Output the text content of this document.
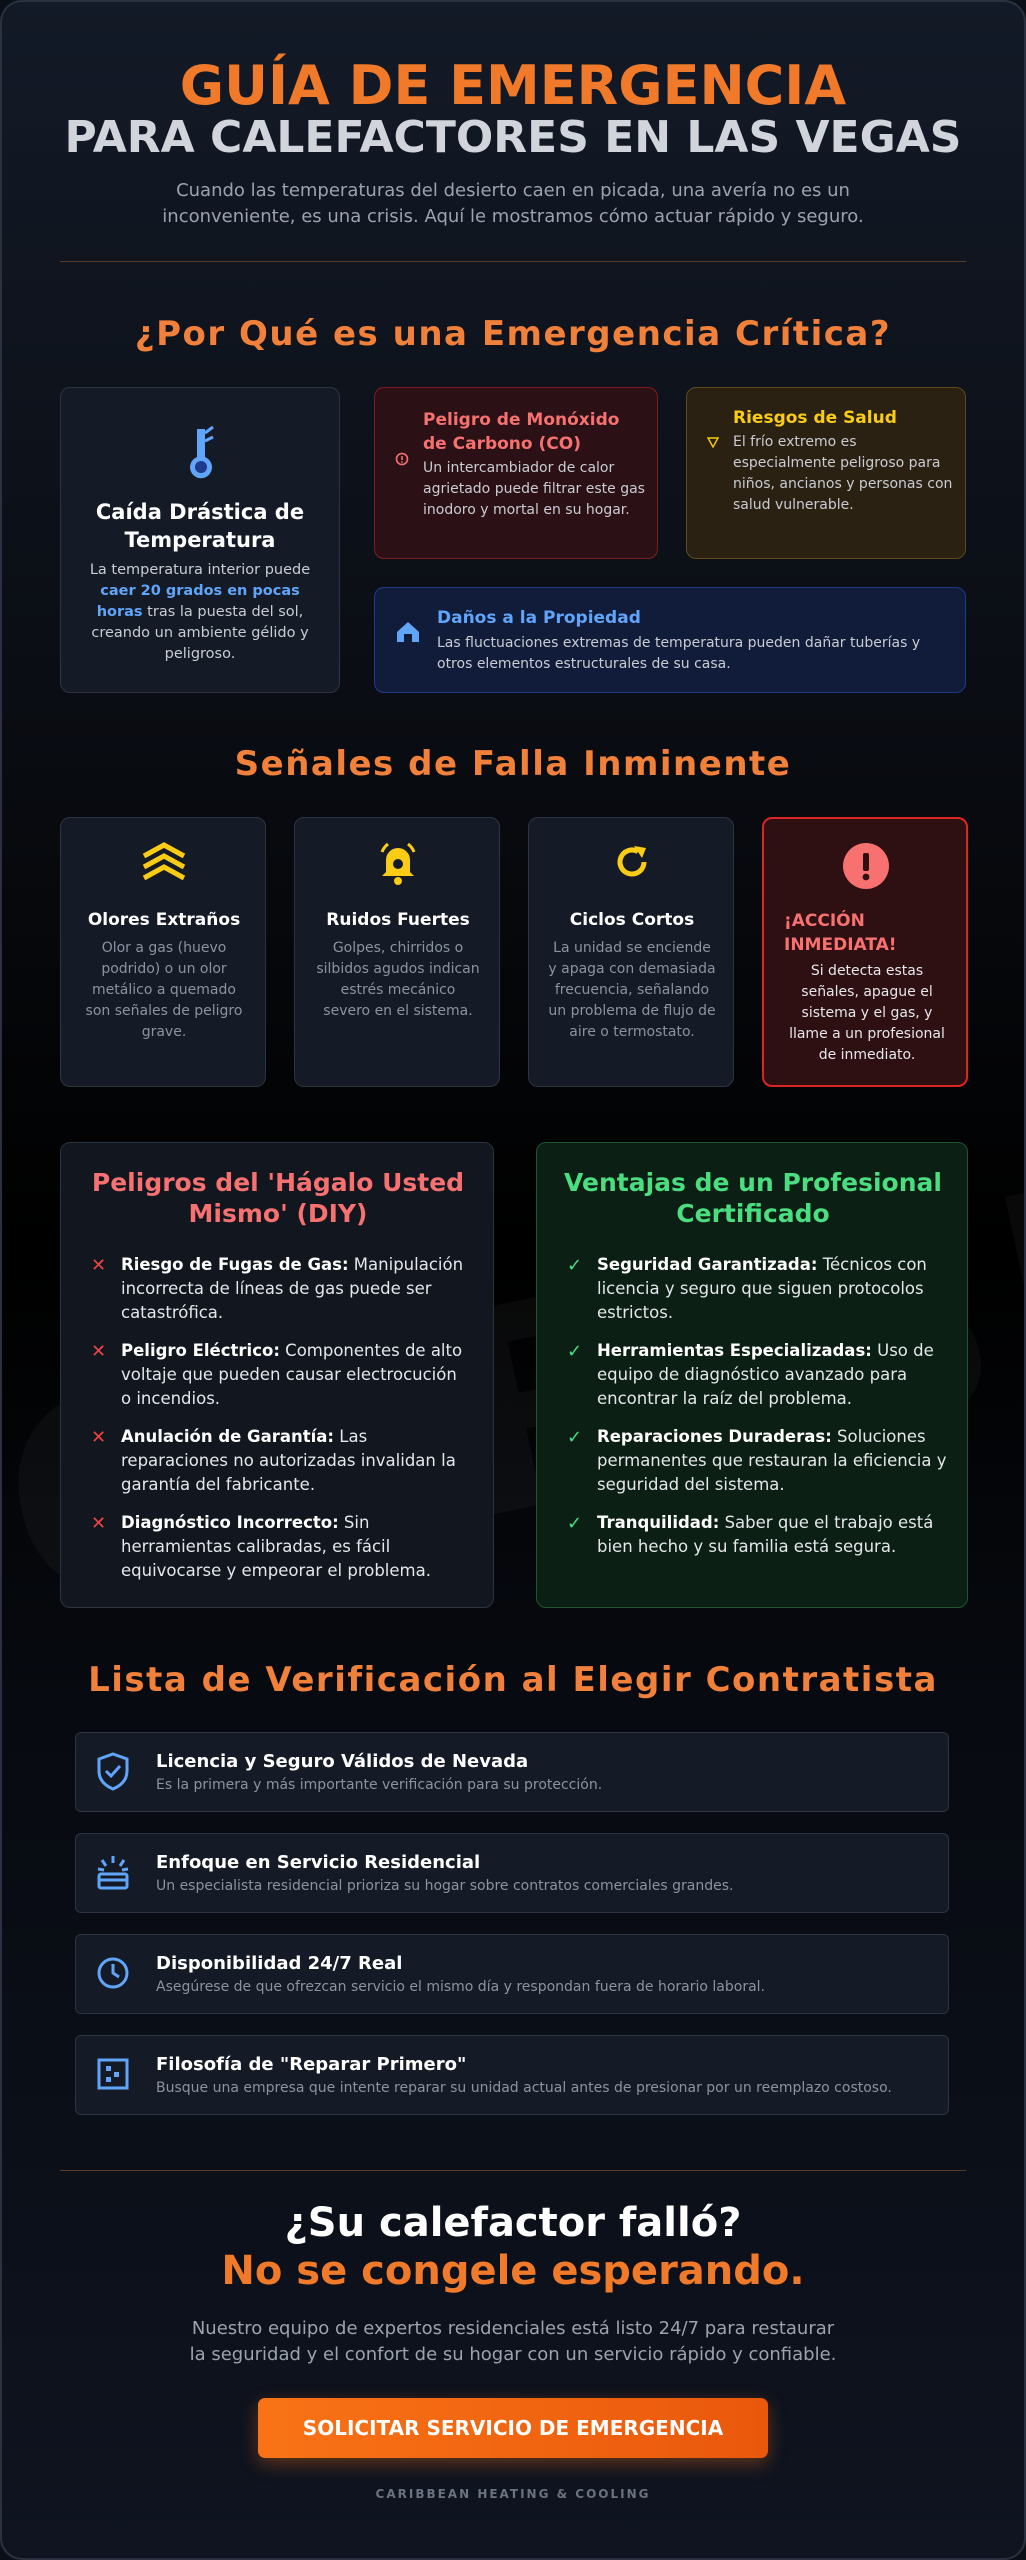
GUÍA DE EMERGENCIA
PARA CALEFACTORES EN LAS VEGAS
Cuando las temperaturas del desierto caen en picada, una avería no es un inconveniente, es una crisis. Aquí le mostramos cómo actuar rápido y seguro.
¿Por Qué es una Emergencia Crítica?
Caída Drástica de Temperatura
La temperatura interior puede caer 20 grados en pocas horas tras la puesta del sol, creando un ambiente gélido y peligroso.
Peligro de Monóxido de Carbono (CO)
Un intercambiador de calor agrietado puede filtrar este gas inodoro y mortal en su hogar.
Riesgos de Salud
El frío extremo es especialmente peligroso para niños, ancianos y personas con salud vulnerable.
Daños a la Propiedad
Las fluctuaciones extremas de temperatura pueden dañar tuberías y otros elementos estructurales de su casa.
Señales de Falla Inminente
Olores Extraños
Olor a gas (huevo podrido) o un olor metálico a quemado son señales de peligro grave.
Ruidos Fuertes
Golpes, chirridos o silbidos agudos indican estrés mecánico severo en el sistema.
Ciclos Cortos
La unidad se enciende y apaga con demasiada frecuencia, señalando un problema de flujo de aire o termostato.
¡ACCIÓN INMEDIATA!
Si detecta estas señales, apague el sistema y el gas, y llame a un profesional de inmediato.
Peligros del 'Hágalo Usted Mismo' (DIY)
✕ Riesgo de Fugas de Gas: Manipulación incorrecta de líneas de gas puede ser catastrófica.
✕ Peligro Eléctrico: Componentes de alto voltaje que pueden causar electrocución o incendios.
✕ Anulación de Garantía: Las reparaciones no autorizadas invalidan la garantía del fabricante.
✕ Diagnóstico Incorrecto: Sin herramientas calibradas, es fácil equivocarse y empeorar el problema.
Ventajas de un Profesional Certificado
✓ Seguridad Garantizada: Técnicos con licencia y seguro que siguen protocolos estrictos.
✓ Herramientas Especializadas: Uso de equipo de diagnóstico avanzado para encontrar la raíz del problema.
✓ Reparaciones Duraderas: Soluciones permanentes que restauran la eficiencia y seguridad del sistema.
✓ Tranquilidad: Saber que el trabajo está bien hecho y su familia está segura.
Lista de Verificación al Elegir Contratista
Licencia y Seguro Válidos de Nevada
Es la primera y más importante verificación para su protección.
Enfoque en Servicio Residencial
Un especialista residencial prioriza su hogar sobre contratos comerciales grandes.
Disponibilidad 24/7 Real
Asegúrese de que ofrezcan servicio el mismo día y respondan fuera de horario laboral.
Filosofía de "Reparar Primero"
Busque una empresa que intente reparar su unidad actual antes de presionar por un reemplazo costoso.
¿Su calefactor falló?
No se congele esperando.
Nuestro equipo de expertos residenciales está listo 24/7 para restaurar la seguridad y el confort de su hogar con un servicio rápido y confiable.
SOLICITAR SERVICIO DE EMERGENCIA
CARIBBEAN HEATING & COOLING
